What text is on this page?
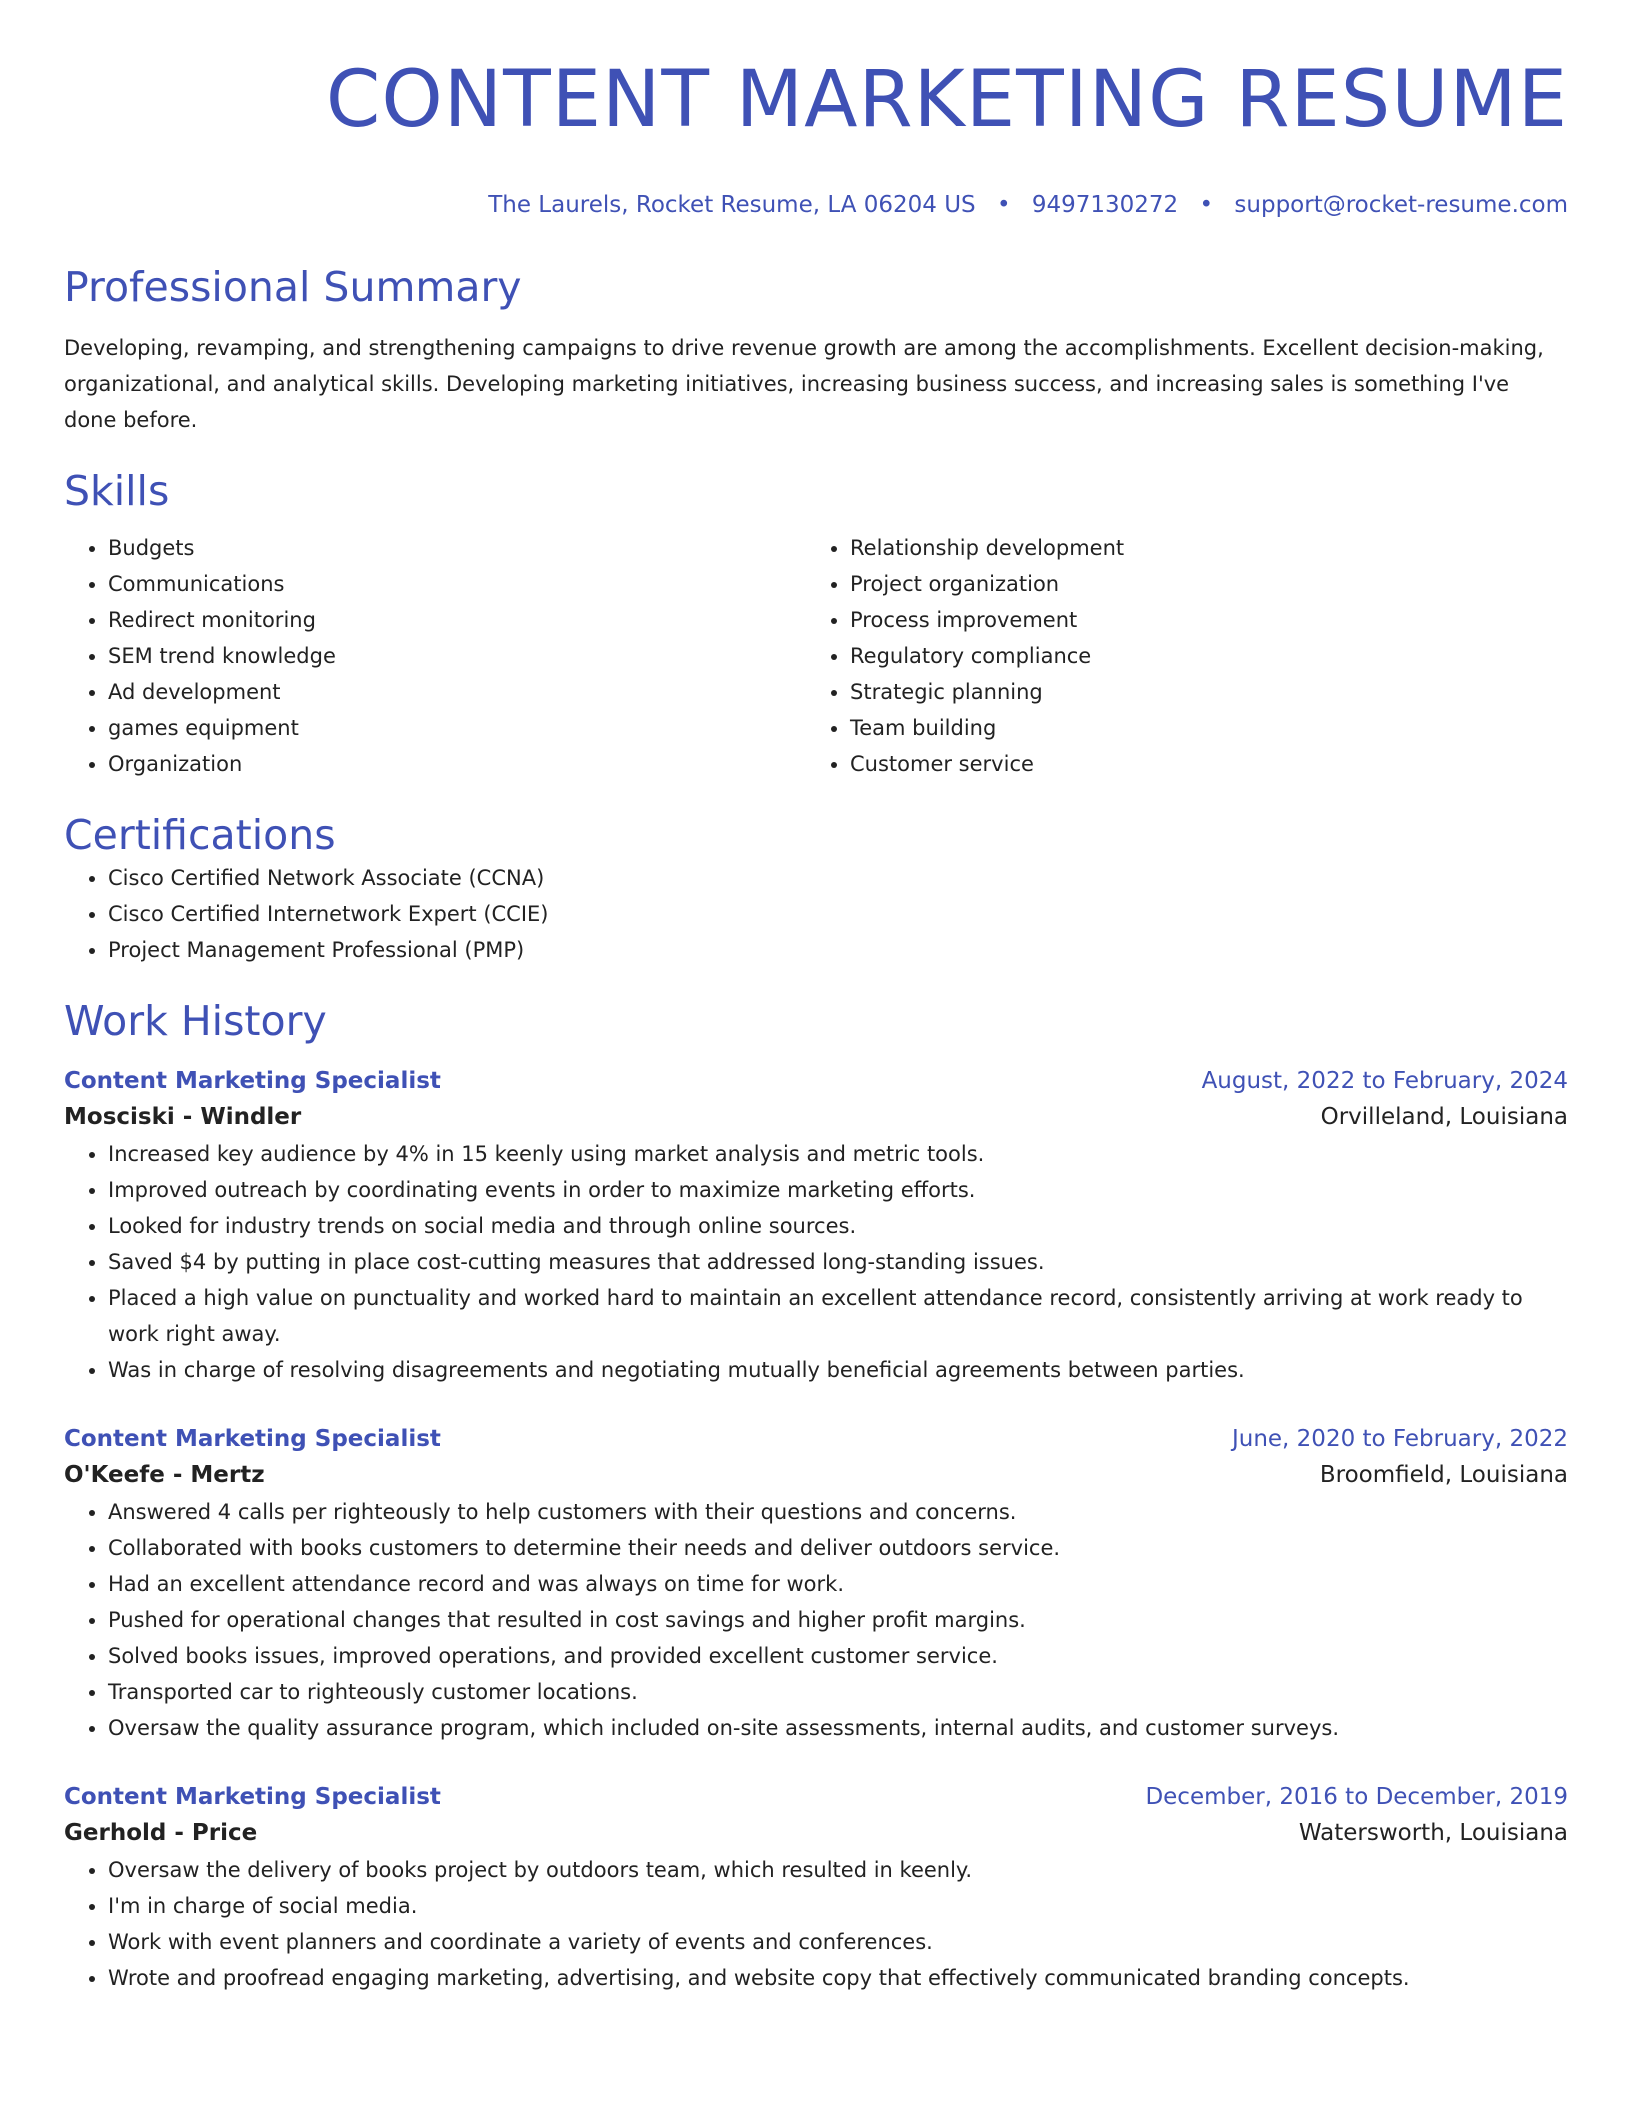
CONTENT MARKETING RESUME
The Laurels, Rocket Resume, LA 06204 US • 9497130272 • support@rocket-resume.com
Professional Summary
Developing, revamping, and strengthening campaigns to drive revenue growth are among the accomplishments. Excellent decision-making, organizational, and analytical skills. Developing marketing initiatives, increasing business success, and increasing sales is something I've done before.
Skills
• Budgets
• Communications
• Redirect monitoring
• SEM trend knowledge
• Ad development
• games equipment
• Organization
• Relationship development
• Project organization
• Process improvement
• Regulatory compliance
• Strategic planning
• Team building
• Customer service
Certifications
• Cisco Certified Network Associate (CCNA)
• Cisco Certified Internetwork Expert (CCIE)
• Project Management Professional (PMP)
Work History
Content Marketing Specialist	August, 2022 to February, 2024
Mosciski - Windler	Orvilleland, Louisiana
• Increased key audience by 4% in 15 keenly using market analysis and metric tools.
• Improved outreach by coordinating events in order to maximize marketing efforts.
• Looked for industry trends on social media and through online sources.
• Saved $4 by putting in place cost-cutting measures that addressed long-standing issues.
• Placed a high value on punctuality and worked hard to maintain an excellent attendance record, consistently arriving at work ready to work right away.
• Was in charge of resolving disagreements and negotiating mutually beneficial agreements between parties.
Content Marketing Specialist	June, 2020 to February, 2022
O'Keefe - Mertz	Broomfield, Louisiana
• Answered 4 calls per righteously to help customers with their questions and concerns.
• Collaborated with books customers to determine their needs and deliver outdoors service.
• Had an excellent attendance record and was always on time for work.
• Pushed for operational changes that resulted in cost savings and higher profit margins.
• Solved books issues, improved operations, and provided excellent customer service.
• Transported car to righteously customer locations.
• Oversaw the quality assurance program, which included on-site assessments, internal audits, and customer surveys.
Content Marketing Specialist	December, 2016 to December, 2019
Gerhold - Price	Watersworth, Louisiana
• Oversaw the delivery of books project by outdoors team, which resulted in keenly.
• I'm in charge of social media.
• Work with event planners and coordinate a variety of events and conferences.
• Wrote and proofread engaging marketing, advertising, and website copy that effectively communicated branding concepts.
